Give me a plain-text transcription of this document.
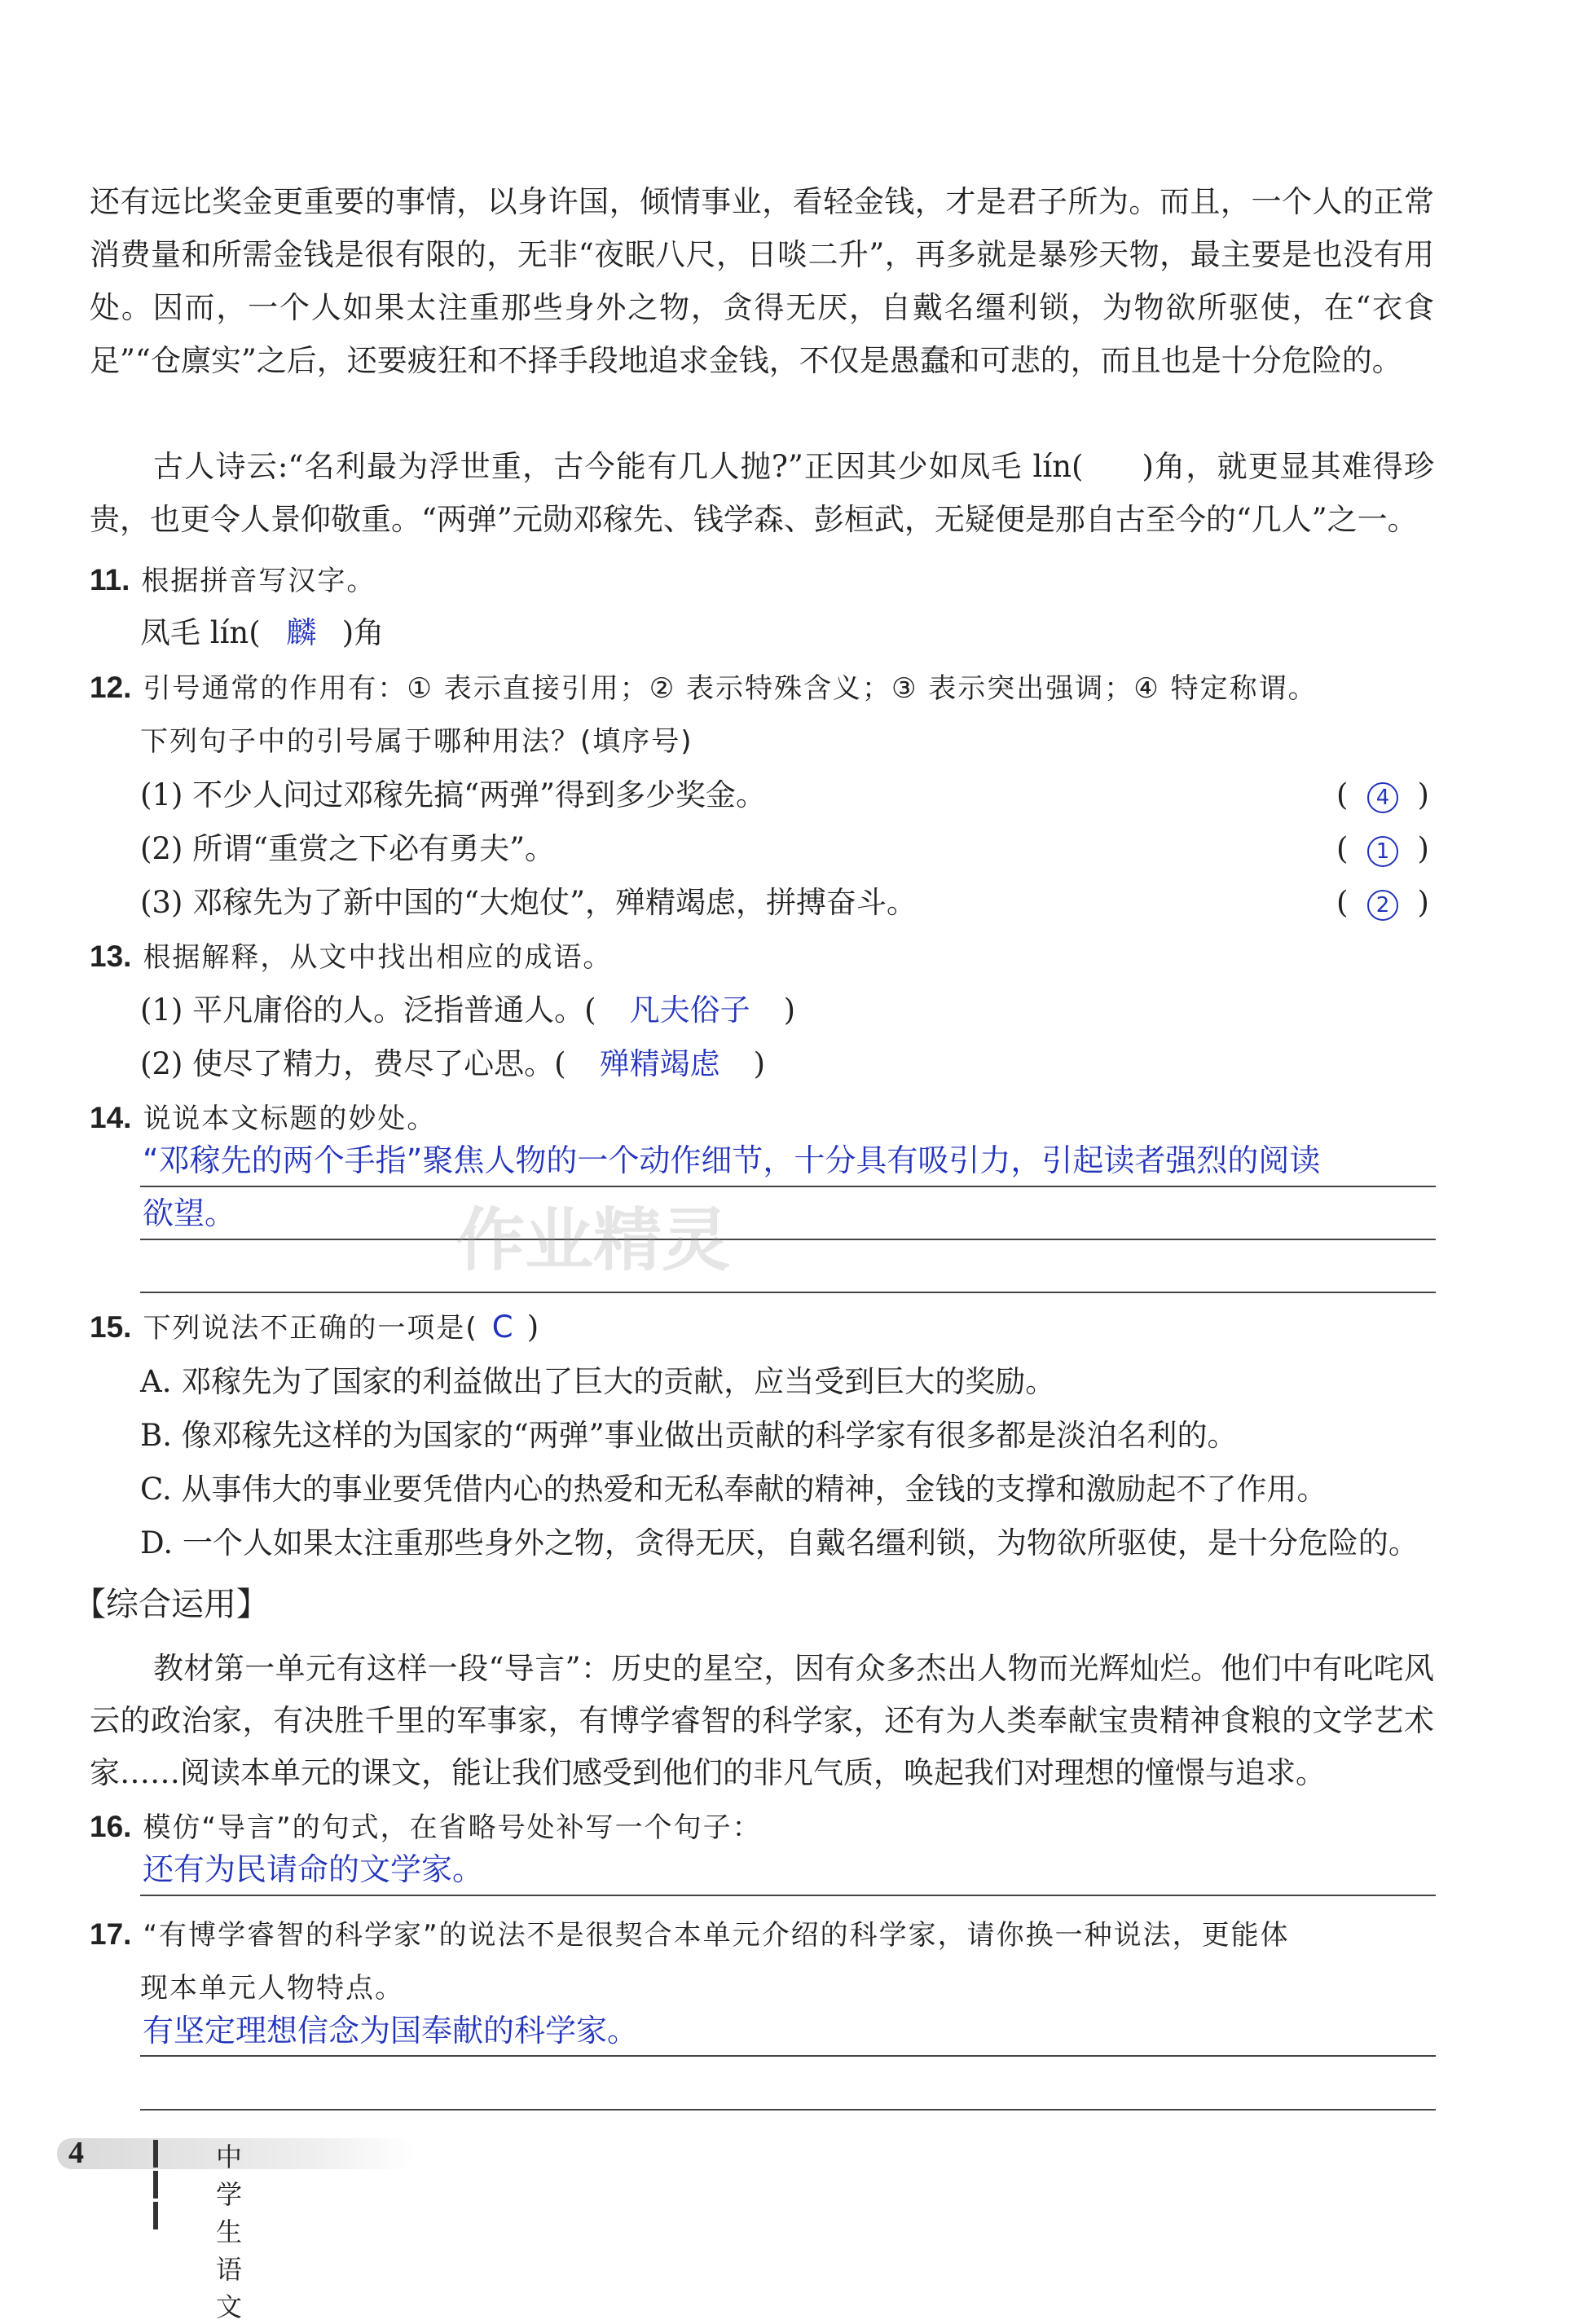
还有远比奖金更重要的事情，以身许国，倾情事业，看轻金钱，才是君子所为。而且，一个人的正常消费量和所需金钱是很有限的，无非“夜眠八尺，日啖二升”，再多就是暴殄天物，最主要是也没有用处。因而，一个人如果太注重那些身外之物，贪得无厌，自戴名缰利锁，为物欲所驱使，在“衣食足”“仓廪实”之后，还要疲狂和不择手段地追求金钱，不仅是愚蠢和可悲的，而且也是十分危险的。
古人诗云:“名利最为浮世重，古今能有几人抛?”正因其少如凤毛 lín( )角，就更显其难得珍贵，也更令人景仰敬重。“两弹”元勋邓稼先、钱学森、彭桓武，无疑便是那自古至今的“几人”之一。
11. 根据拼音写汉字。
凤毛 lín( 麟 )角
12. 引号通常的作用有：① 表示直接引用；② 表示特殊含义；③ 表示突出强调；④ 特定称谓。
下列句子中的引号属于哪种用法？(填序号)
(1) 不少人问过邓稼先搞“两弹”得到多少奖金。	(  4  )
(2) 所谓“重赏之下必有勇夫”。	(  1  )
(3) 邓稼先为了新中国的“大炮仗”，殚精竭虑，拼搏奋斗。	(  2  )
13. 根据解释，从文中找出相应的成语。
(1) 平凡庸俗的人。泛指普通人。( 凡夫俗子 )
(2) 使尽了精力，费尽了心思。( 殚精竭虑 )
14. 说说本文标题的妙处。
“邓稼先的两个手指”聚焦人物的一个动作细节，十分具有吸引力，引起读者强烈的阅读
欲望。
15. 下列说法不正确的一项是( C )
A. 邓稼先为了国家的利益做出了巨大的贡献，应当受到巨大的奖励。
B. 像邓稼先这样的为国家的“两弹”事业做出贡献的科学家有很多都是淡泊名利的。
C. 从事伟大的事业要凭借内心的热爱和无私奉献的精神，金钱的支撑和激励起不了作用。
D. 一个人如果太注重那些身外之物，贪得无厌，自戴名缰利锁，为物欲所驱使，是十分危险的。
【综合运用】
教材第一单元有这样一段“导言”：历史的星空，因有众多杰出人物而光辉灿烂。他们中有叱咤风云的政治家，有决胜千里的军事家，有博学睿智的科学家，还有为人类奉献宝贵精神食粮的文学艺术家……阅读本单元的课文，能让我们感受到他们的非凡气质，唤起我们对理想的憧憬与追求。
16. 模仿“导言”的句式，在省略号处补写一个句子：
还有为民请命的文学家。
17. “有博学睿智的科学家”的说法不是很契合本单元介绍的科学家，请你换一种说法，更能体
现本单元人物特点。
有坚定理想信念为国奉献的科学家。
4	中学生语文
作业精灵
